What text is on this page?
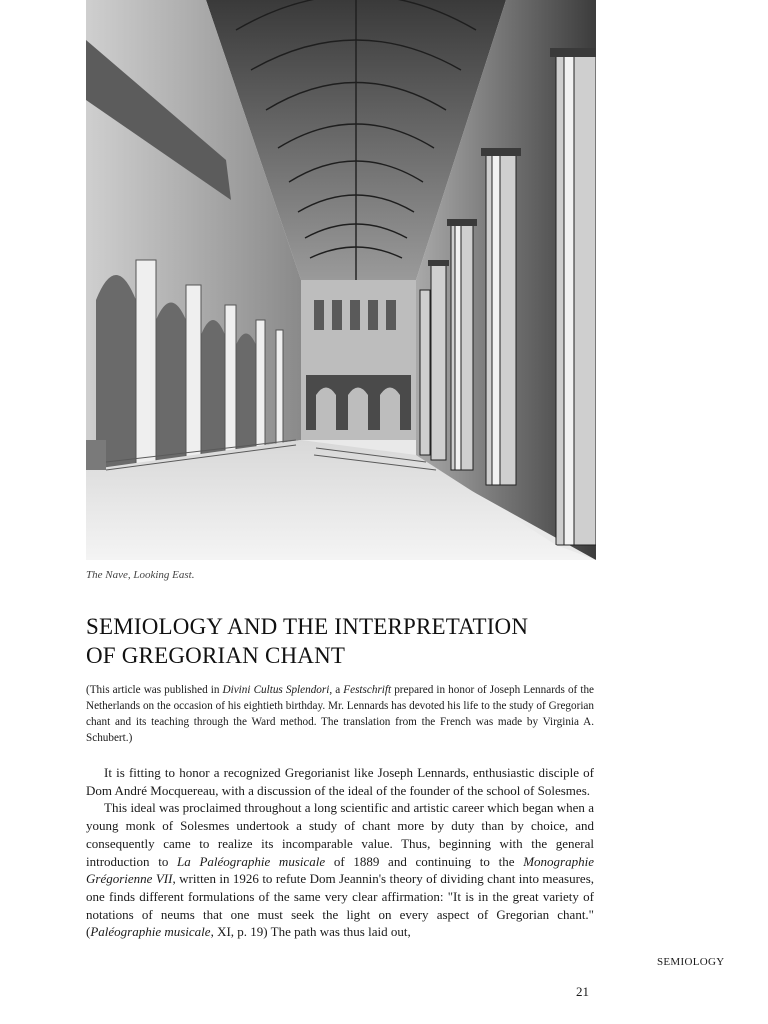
The Nave, Looking East.
SEMIOLOGY AND THE INTERPRETATION
OF GREGORIAN CHANT

(This article was published in Divini Cultus Splendori, a Festschrift prepared in honor of Joseph Lennards of the Netherlands on the occasion of his eightieth birthday. Mr. Lennards has devoted his life to the study of Gregorian chant and its teaching through the Ward method. The translation from the French was made by Virginia A. Schubert.)

It is fitting to honor a recognized Gregorianist like Joseph Lennards, enthusiastic disciple of Dom André Mocquereau, with a discussion of the ideal of the founder of the school of Solesmes.

This ideal was proclaimed throughout a long scientific and artistic career which began when a young monk of Solesmes undertook a study of chant more by duty than by choice, and consequently came to realize its incomparable value. Thus, beginning with the general introduction to La Paléographie musicale of 1889 and continuing to the Monographie Grégorienne VII, written in 1926 to refute Dom Jeannin's theory of dividing chant into measures, one finds different formulations of the same very clear affirmation: "It is in the great variety of notations of neums that one must seek the light on every aspect of Gregorian chant." (Paléographie musicale, XI, p. 19) The path was thus laid out,

SEMIOLOGY
21
